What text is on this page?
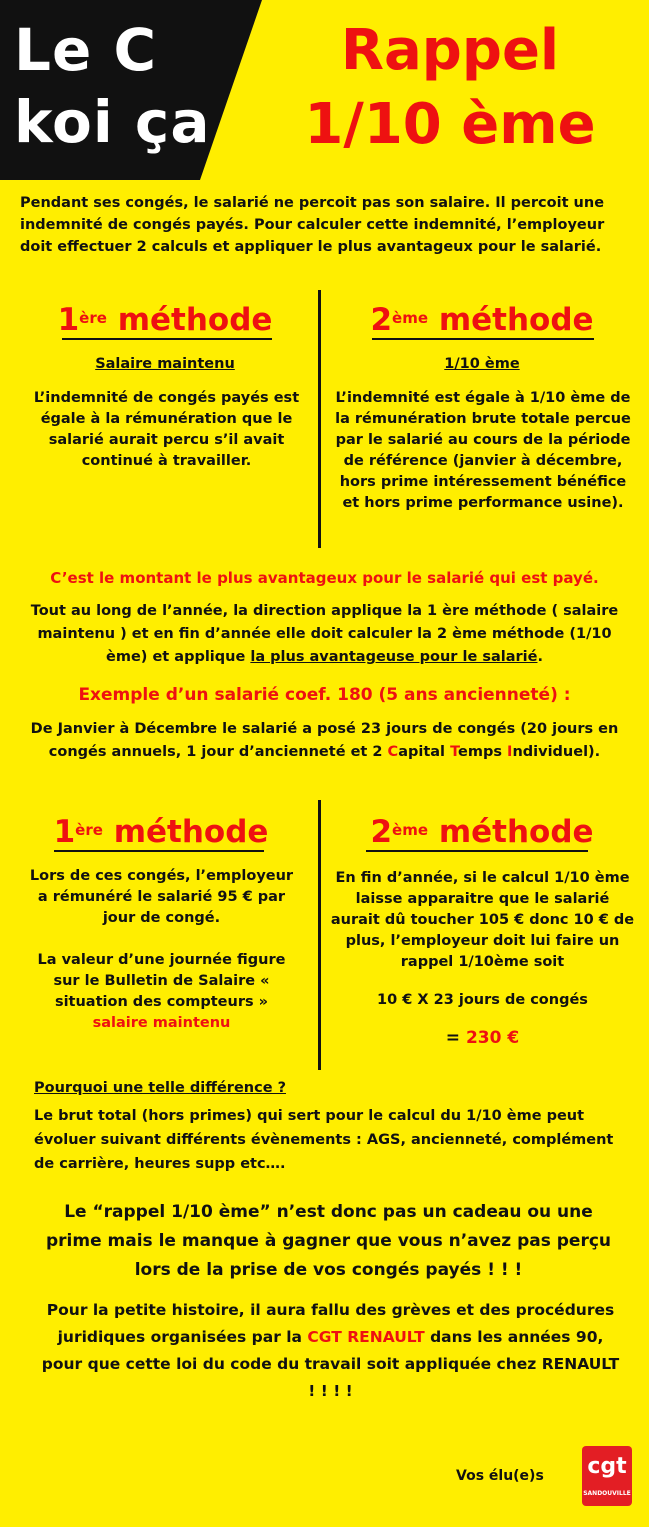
Le C
koi ça
Rappel
1/10 ème
Pendant ses congés, le salarié ne percoit pas son salaire. Il percoit une indemnité de congés payés. Pour calculer cette indemnité, l’employeur doit effectuer 2 calculs et appliquer le plus avantageux pour le salarié.
1ère méthode
Salaire maintenu
L’indemnité de congés payés est égale à la rémunération que le salarié aurait percu s’il avait continué à travailler.
2ème méthode
1/10 ème
L’indemnité est égale à 1/10 ème de la rémunération brute totale percue par le salarié au cours de la période de référence (janvier à décembre, hors prime intéressement bénéfice et hors prime performance usine).
C’est le montant le plus avantageux pour le salarié qui est payé.
Tout au long de l’année, la direction applique la 1 ère méthode ( salaire maintenu ) et en fin d’année elle doit calculer la 2 ème méthode (1/10 ème) et applique la plus avantageuse pour le salarié.
Exemple d’un salarié coef. 180 (5 ans ancienneté) :
De Janvier à Décembre le salarié a posé 23 jours de congés (20 jours en congés annuels, 1 jour d’ancienneté et 2 Capital Temps Individuel).
1ère méthode
Lors de ces congés, l’employeur a rémunéré le salarié 95 € par jour de congé.
La valeur d’une journée figure sur le Bulletin de Salaire « situation des compteurs »
salaire maintenu
2ème méthode
En fin d’année, si le calcul 1/10 ème laisse apparaitre que le salarié aurait dû toucher 105 € donc 10 € de plus, l’employeur doit lui faire un rappel 1/10ème soit
10 € X 23 jours de congés
= 230 €
Pourquoi une telle différence ?
Le brut total (hors primes) qui sert pour le calcul du 1/10 ème peut évoluer suivant différents évènements : AGS, ancienneté, complément de carrière, heures supp etc….
Le “rappel 1/10 ème” n’est donc pas un cadeau ou une prime mais le manque à gagner que vous n’avez pas perçu lors de la prise de vos congés payés ! ! !
Pour la petite histoire, il aura fallu des grèves et des procédures juridiques organisées par la CGT RENAULT dans les années 90, pour que cette loi du code du travail soit appliquée chez RENAULT ! ! ! !
Vos élu(e)s cgt
SANDOUVILLE
